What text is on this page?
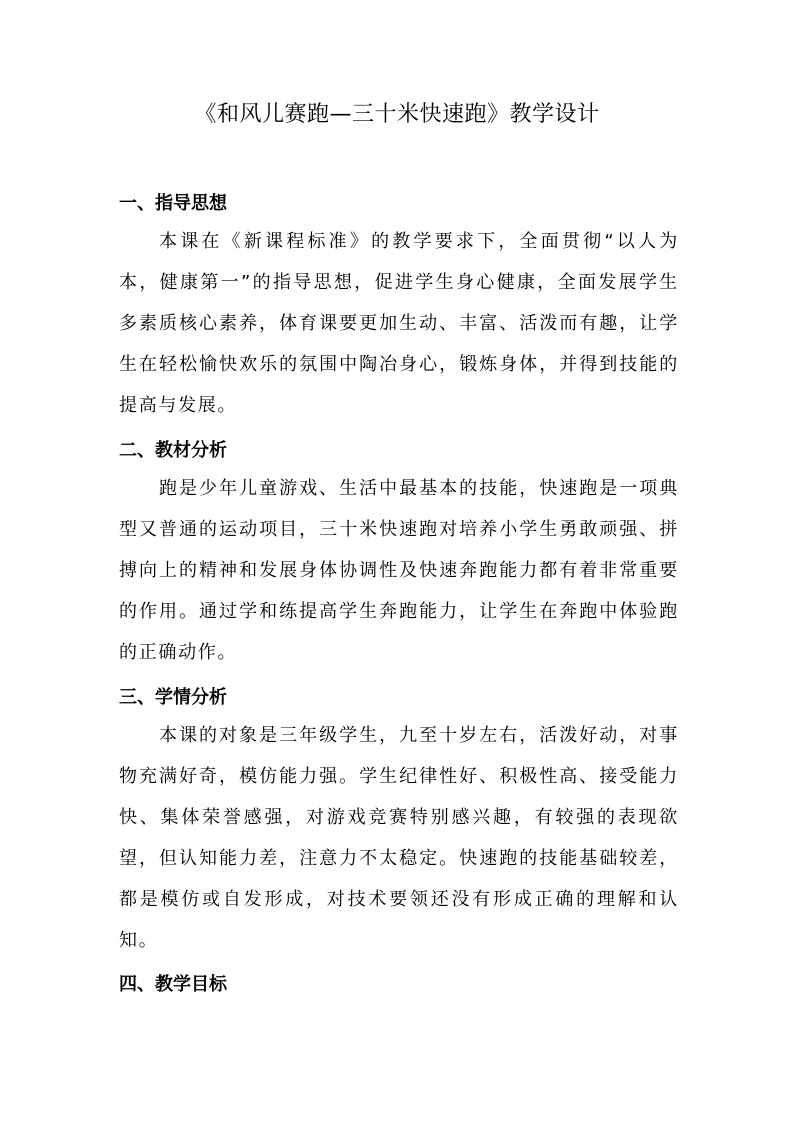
《和风儿赛跑—三十米快速跑》教学设计
一、指导思想

本课在《新课程标准》的教学要求下，全面贯彻“以人为本，健康第一”的指导思想，促进学生身心健康，全面发展学生多素质核心素养，体育课要更加生动、丰富、活泼而有趣，让学生在轻松愉快欢乐的氛围中陶冶身心，锻炼身体，并得到技能的提高与发展。

二、教材分析

跑是少年儿童游戏、生活中最基本的技能，快速跑是一项典型又普通的运动项目，三十米快速跑对培养小学生勇敢顽强、拼搏向上的精神和发展身体协调性及快速奔跑能力都有着非常重要的作用。通过学和练提高学生奔跑能力，让学生在奔跑中体验跑的正确动作。

三、学情分析

本课的对象是三年级学生，九至十岁左右，活泼好动，对事物充满好奇，模仿能力强。学生纪律性好、积极性高、接受能力快、集体荣誉感强，对游戏竞赛特别感兴趣，有较强的表现欲望，但认知能力差，注意力不太稳定。快速跑的技能基础较差，都是模仿或自发形成，对技术要领还没有形成正确的理解和认知。

四、教学目标
